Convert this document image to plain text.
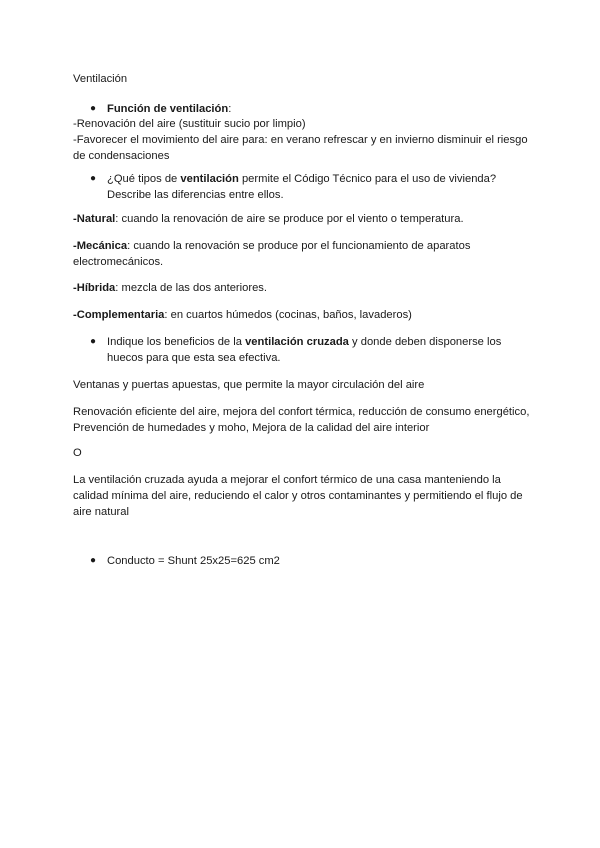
Ventilación
● Función de ventilación:
-Renovación del aire (sustituir sucio por limpio)
-Favorecer el movimiento del aire para: en verano refrescar y en invierno disminuir el riesgo
de condensaciones
● ¿Qué tipos de ventilación permite el Código Técnico para el uso de vivienda?
Describe las diferencias entre ellos.
-Natural: cuando la renovación de aire se produce por el viento o temperatura.
-Mecánica: cuando la renovación se produce por el funcionamiento de aparatos
electromecánicos.
-Híbrida: mezcla de las dos anteriores.
-Complementaria: en cuartos húmedos (cocinas, baños, lavaderos)
● Indique los beneficios de la ventilación cruzada y donde deben disponerse los
huecos para que esta sea efectiva.
Ventanas y puertas apuestas, que permite la mayor circulación del aire
Renovación eficiente del aire, mejora del confort térmica, reducción de consumo energético,
Prevención de humedades y moho, Mejora de la calidad del aire interior
O
La ventilación cruzada ayuda a mejorar el confort térmico de una casa manteniendo la
calidad mínima del aire, reduciendo el calor y otros contaminantes y permitiendo el flujo de
aire natural
● Conducto = Shunt 25x25=625 cm2
